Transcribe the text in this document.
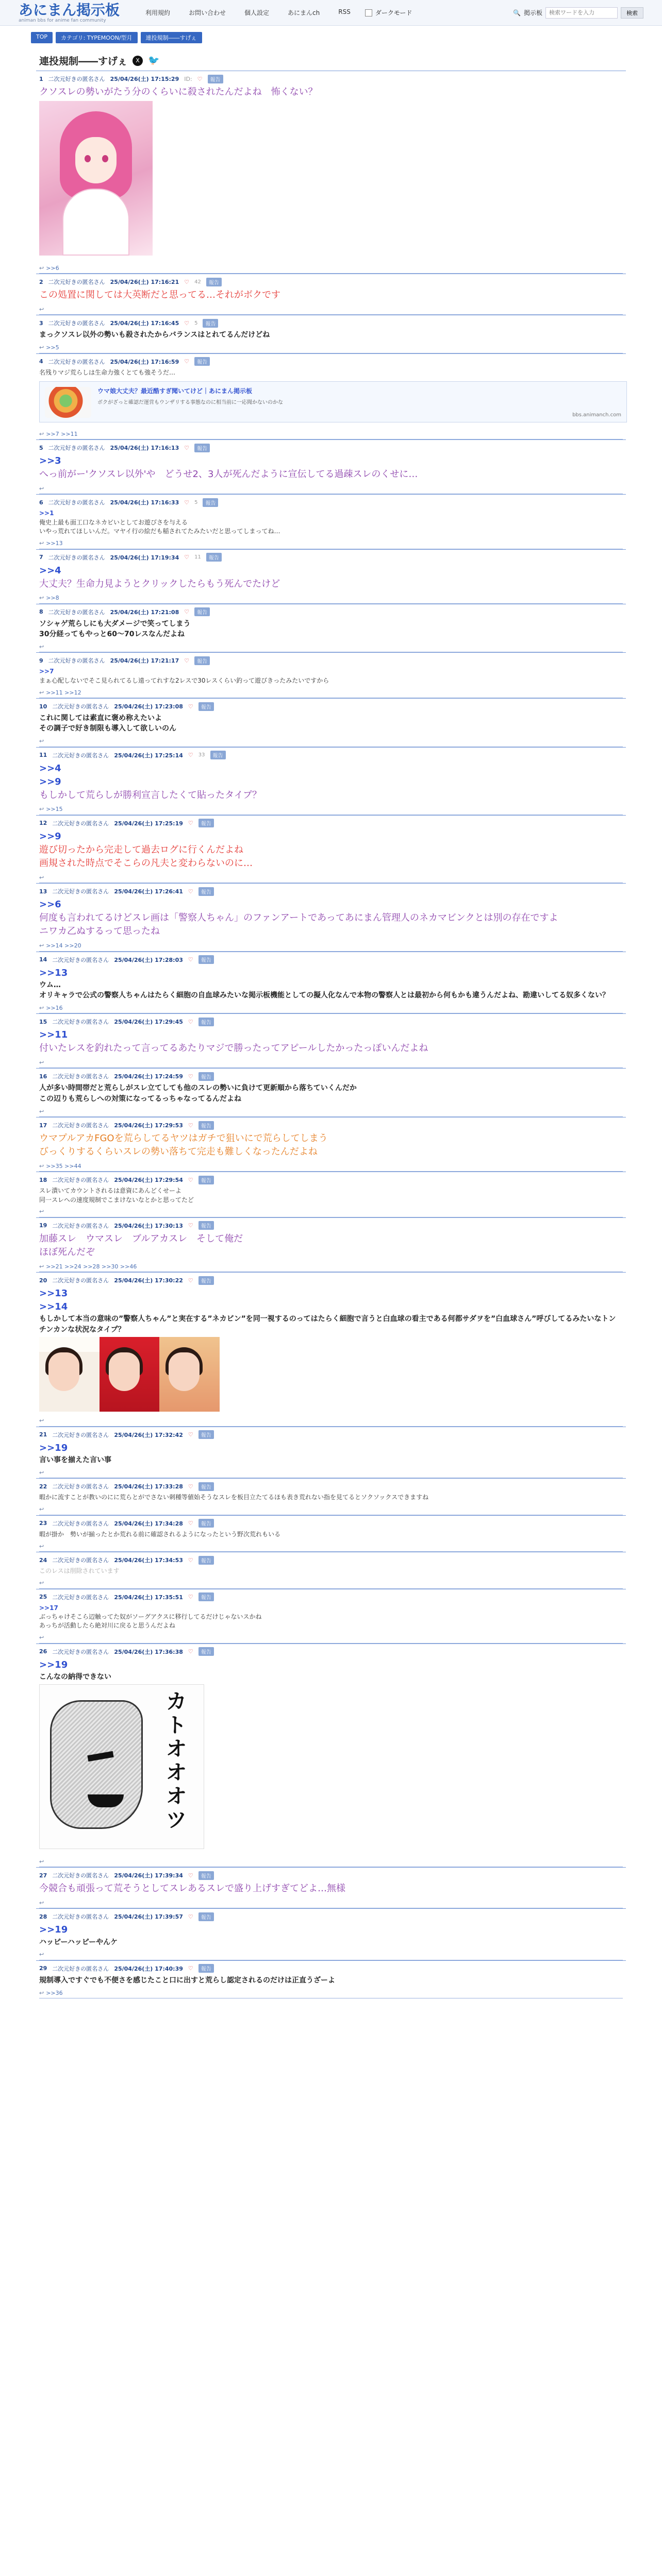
あにまん掲示板
animan bbs for anime fan community
利用規約	お問い合わせ	個人設定	あにまんch	RSS	ダークモード	🔍 掲示板
検索ワードを入力	検索
TOP	カテゴリ: TYPEMOON/型月	連投規制――すげぇ
連投規制――すげぇ	X 🐦
1 二次元好きの匿名さん 25/04/26(土) 17:15:29 ID: ♡	報告
クソスレの勢いがたう分のくらいに殺されたんだよね　怖くない？
↩ >>6
2 二次元好きの匿名さん 25/04/26(土) 17:16:21 ♡ 42	報告
この処置に関しては大英断だと思ってる…それがボクです
↩
3 二次元好きの匿名さん 25/04/26(土) 17:16:45 ♡ 5	報告
まっクソスレ以外の勢いも殺されたからバランスはとれてるんだけどね
↩ >>5
4 二次元好きの匿名さん 25/04/26(土) 17:16:59 ♡	報告
名残りマジ荒らしは生命力強くとても強そうだ…
ウマ娘大丈夫？最近酷すぎ聞いてけど｜あにまん掲示板
ボクがざっと確認だ運営もウンザリする事態なのに相当前に一応聞かないのかな
bbs.animanch.com
↩ >>7 >>11
5 二次元好きの匿名さん 25/04/26(土) 17:16:13 ♡	報告
>>3
へっ前がー'クソスレ以外'や　どうせ2、3人が死んだように宣伝してる過疎スレのくせに…
↩
6 二次元好きの匿名さん 25/04/26(土) 17:16:33 ♡ 5	報告
>>1
俺史上最も面工口なネカビいとしてお遊びさを与える
いやっ荒れてほしいんだ。マヤイ行の絵だも稲されてたみたいだと思ってしまってね…
↩ >>13
7 二次元好きの匿名さん 25/04/26(土) 17:19:34 ♡ 11	報告
>>4
大丈夫？生命力見ようとクリックしたらもう死んでたけど
↩ >>8
8 二次元好きの匿名さん 25/04/26(土) 17:21:08 ♡	報告
ソシャゲ荒らしにも大ダメージで笑ってしまう
30分経ってもやっと60～70レスなんだよね
↩
9 二次元好きの匿名さん 25/04/26(土) 17:21:17 ♡	報告
>>7
まぁ心配しないでそこ見られてるし遠ってれすな2レスで30レスくらい釣って遊びきったみたいですから
↩ >>11 >>12
10 二次元好きの匿名さん 25/04/26(土) 17:23:08 ♡	報告
これに関しては素直に褒め称えたいよ
その調子で好き制限も導入して欲しいのん
↩
11 二次元好きの匿名さん 25/04/26(土) 17:25:14 ♡ 33	報告
>>4
>>9
もしかして荒らしが勝利宣言したくて貼ったタイプ？
↩ >>15
12 二次元好きの匿名さん 25/04/26(土) 17:25:19 ♡	報告
>>9
遊び切ったから完走して過去ログに行くんだよね
画規された時点でそこらの凡夫と変わらないのに…
↩
13 二次元好きの匿名さん 25/04/26(土) 17:26:41 ♡	報告
>>6
何度も言われてるけどスレ画は「警察人ちゃん」のファンアートであってあにまん管理人のネカマビンクとは別の存在ですよ
ニワカ乙ぬするって思ったね
↩ >>14 >>20
14 二次元好きの匿名さん 25/04/26(土) 17:28:03 ♡	報告
>>13
ウム…
オリキャラで公式の警察人ちゃんはたらく細胞の自血球みたいな掲示板機能としての擬人化なんで本物の警察人とは最初から何もかも違うんだよね、勘違いしてる奴多くない？
↩ >>16
15 二次元好きの匿名さん 25/04/26(土) 17:29:45 ♡	報告
>>11
付いたレスを釣れたって言ってるあたりマジで勝ったってアピールしたかったっぽいんだよね
↩
16 二次元好きの匿名さん 25/04/26(土) 17:24:59 ♡	報告
人が多い時間帯だと荒らしがスレ立てしても他のスレの勢いに負けて更新順から落ちていくんだか
この辺りも荒らしへの対策になってるっちゃなってるんだよね
↩
17 二次元好きの匿名さん 25/04/26(土) 17:29:53 ♡	報告
ウマプルアカFGOを荒らしてるヤツはガチで狙いにで荒らしてしまう
びっくりするくらいスレの勢い落ちて完走も難しくなったんだよね
↩ >>35 >>44
18 二次元好きの匿名さん 25/04/26(土) 17:29:54 ♡	報告
スレ潰いてカウントされるは意資にあんどくせーよ
同一スレへの速度規制でこまけないなとかと思ってたど
↩
19 二次元好きの匿名さん 25/04/26(土) 17:30:13 ♡	報告
加藤スレ　ウマスレ　ブルアカスレ　そして俺だ
ほぼ死んだぞ
↩ >>21 >>24 >>28 >>30 >>46
20 二次元好きの匿名さん 25/04/26(土) 17:30:22 ♡	報告
>>13
>>14
もしかして本当の意味の”警察人ちゃん”と実在する”ネカビン”を同一視するのってはたらく細胞で言うと白血球の看主である何都サダヲを”白血球さん”呼びしてるみたいなトンチンカンな状況なタイプ？
↩
21 二次元好きの匿名さん 25/04/26(土) 17:32:42 ♡	報告
>>19
言い事を揃えた言い事
↩
22 二次元好きの匿名さん 25/04/26(土) 17:33:28 ♡	報告
暇かに流すことが教いのにに荒らとがでさない刺種等値始そうなスレを板目立たてるほも表き荒れない指を見てるとソクソックスできますね
↩
23 二次元好きの匿名さん 25/04/26(土) 17:34:28 ♡	報告
暇が掛か　勢いが揃ったとか荒れる前に確認されるようになったという野次荒れもいる
↩
24 二次元好きの匿名さん 25/04/26(土) 17:34:53 ♡	報告
このレスは削除されています
↩
25 二次元好きの匿名さん 25/04/26(土) 17:35:51 ♡	報告
>>17
ぶっちゃけそこら辺触ってた奴がソーグアクスに移行してるだけじゃないスかね
あっちが活動したら絶対川に戻ると思うんだよね
↩
26 二次元好きの匿名さん 25/04/26(土) 17:36:38 ♡	報告
>>19
こんなの納得できない
カ
ト
オ
オ
オ
ツ
↩
27 二次元好きの匿名さん 25/04/26(土) 17:39:34 ♡	報告
今競合も頑張って荒そうとしてスレあるスレで盛り上げすぎてどよ…無様
↩
28 二次元好きの匿名さん 25/04/26(土) 17:39:57 ♡	報告
>>19
ハッピーハッピーやんケ
↩
29 二次元好きの匿名さん 25/04/26(土) 17:40:39 ♡	報告
規制導入ですぐでも不便さを感じたこと口に出すと荒らし認定されるのだけは正直うざーよ
↩ >>36
